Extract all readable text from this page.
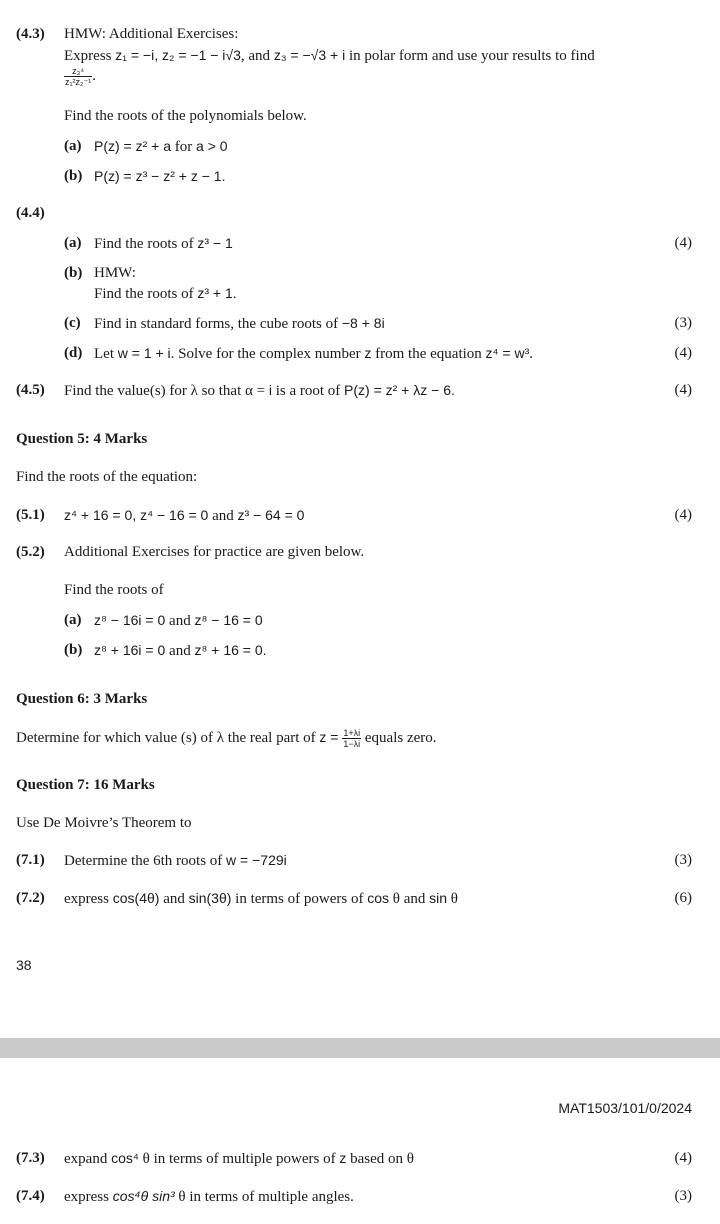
(4.3) HMW: Additional Exercises:
Express z₁ = −i, z₂ = −1 − i√3, and z₃ = −√3 + i in polar form and use your results to find
$\frac{\text{z₃⁴}}{\text{z₁²z₂⁻¹}}$ .
Find the roots of the polynomials below.
(a) P(z) = z² + a for a > 0
(b) P(z) = z³ − z² + z − 1.
(4.4)
(a) Find the roots of z³ − 1	(4)
(b) HMW:
Find the roots of z³ + 1.
(c) Find in standard forms, the cube roots of −8 + 8i	(3)
(d) Let w = 1 + i. Solve for the complex number z from the equation z⁴ = w³.	(4)
(4.5) Find the value(s) for λ so that α = i is a root of P(z) = z² + λz − 6.	(4)
Question 5: 4 Marks
Find the roots of the equation:
(5.1) z⁴ + 16 = 0, z⁴ − 16 = 0 and z³ − 64 = 0	(4)
(5.2) Additional Exercises for practice are given below.
Find the roots of
(a) z⁸ − 16i = 0 and z⁸ − 16 = 0
(b) z⁸ + 16i = 0 and z⁸ + 16 = 0.
Question 6: 3 Marks
Determine for which value (s) of λ the real part of $z = \frac{1+\lambda i}{1-\lambda i}$ equals zero.
Question 7: 16 Marks
Use De Moivre’s Theorem to
(7.1) Determine the 6th roots of w = −729i	(3)
(7.2) express cos(4θ) and sin(3θ) in terms of powers of cos θ and sin θ	(6)
38
MAT1503/101/0/2024
(7.3) expand cos⁴ θ in terms of multiple powers of z based on θ	(4)
(7.4) express cos⁴θ sin³ θ in terms of multiple angles.	(3)
